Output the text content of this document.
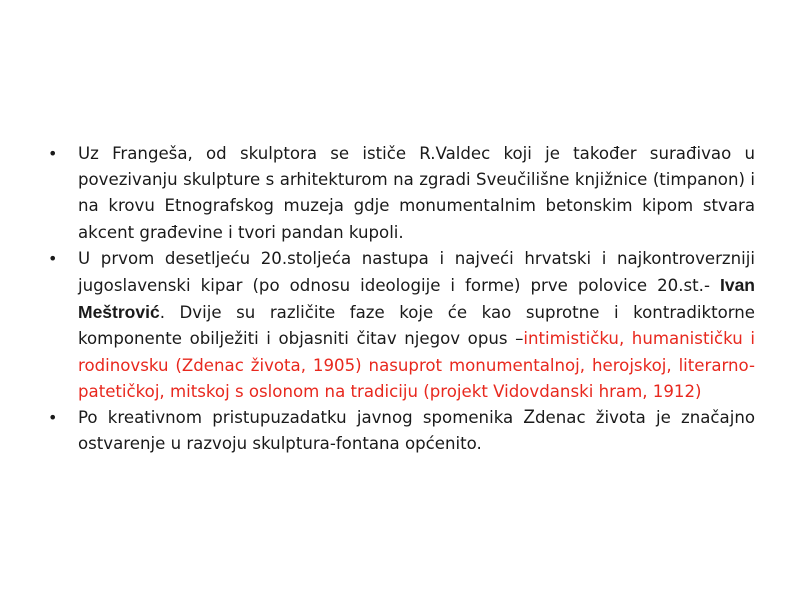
• Uz Frangeša, od skulptora se ističe R.Valdec koji je također surađivao u povezivanju skulpture s arhitekturom na zgradi Sveučilišne knjižnice (timpanon) i na krovu Etnografskog muzeja gdje monumentalnim betonskim kipom stvara akcent građevine i tvori pandan kupoli.
• U prvom desetljeću 20.stoljeća nastupa i najveći hrvatski i najkontroverzniji jugoslavenski kipar (po odnosu ideologije i forme) prve polovice 20.st.- Ivan Meštrović. Dvije su različite faze koje će kao suprotne i kontradiktorne komponente obilježiti i objasniti čitav njegov opus –intimističku, humanističku i rodinovsku (Zdenac života, 1905) nasuprot monumentalnoj, herojskoj, literarno-patetičkoj, mitskoj s oslonom na tradiciju (projekt Vidovdanski hram, 1912)
• Po kreativnom pristupuzadatku javnog spomenika Zdenac života je značajno ostvarenje u razvoju skulptura-fontana općenito.
